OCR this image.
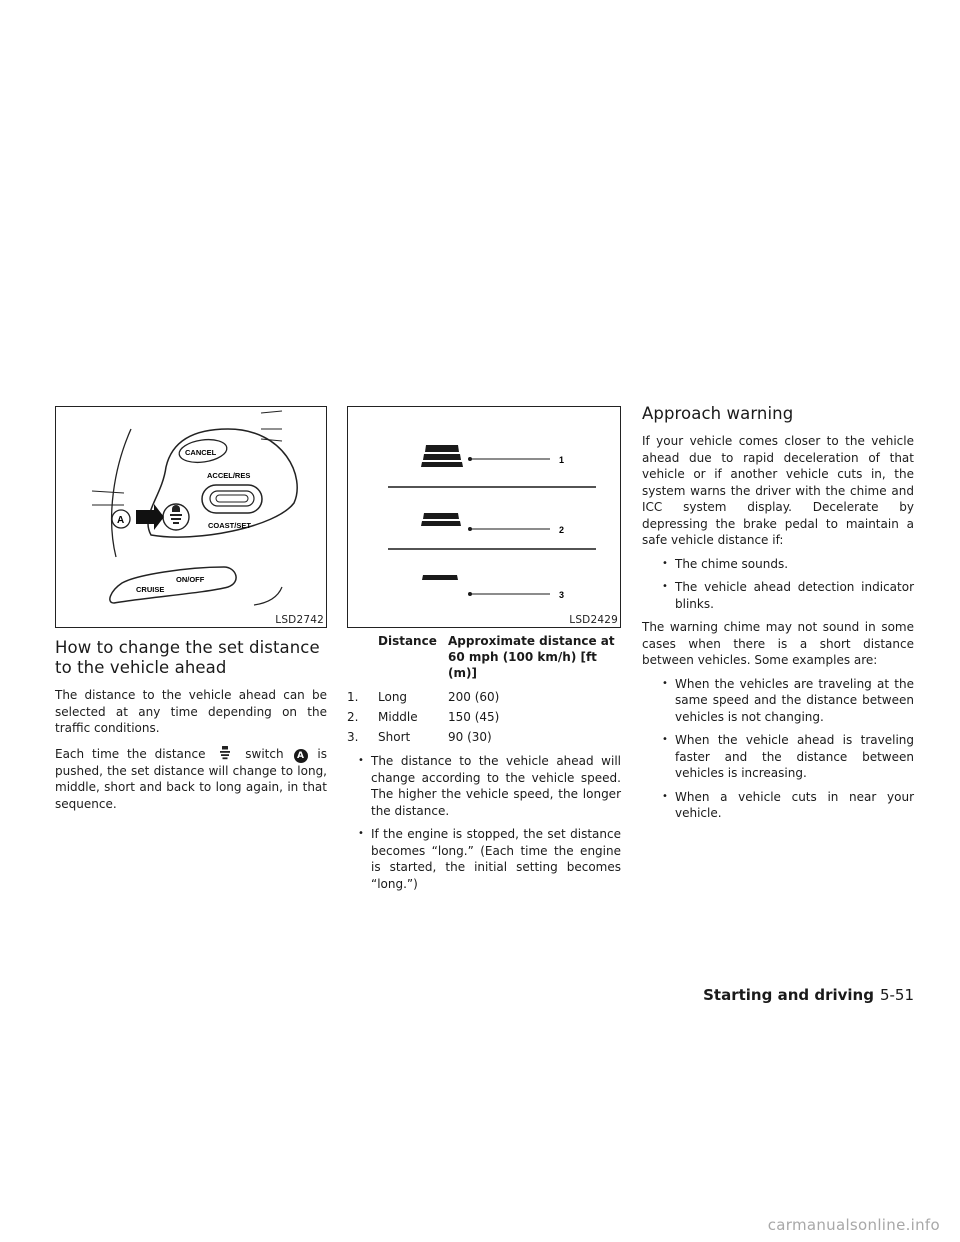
CANCEL
ACCEL/RES
COAST/SET
A
CRUISE
ON/OFF
LSD2742
How to change the set distance
to the vehicle ahead

The distance to the vehicle ahead can be selected at any time depending on the traffic conditions.

Each time the distance	switch A is pushed, the set distance will change to long, middle, short and back to long again, in that sequence.

1
2
3
LSD2429
	Distance	Approximate distance at 60 mph (100 km/h) [ft (m)]
1.	Long	200 (60)
2.	Middle	150 (45)
3.	Short	90 (30)
• The distance to the vehicle ahead will change according to the vehicle speed. The higher the vehicle speed, the longer the distance.
• If the engine is stopped, the set distance becomes “long.” (Each time the engine is started, the initial setting becomes “long.”)
Approach warning

If your vehicle comes closer to the vehicle ahead due to rapid deceleration of that vehicle or if another vehicle cuts in, the system warns the driver with the chime and ICC system display. Decelerate by depressing the brake pedal to maintain a safe vehicle distance if:

• The chime sounds.
• The vehicle ahead detection indicator blinks.

The warning chime may not sound in some cases when there is a short distance between vehicles. Some examples are:

• When the vehicles are traveling at the same speed and the distance between vehicles is not changing.
• When the vehicle ahead is traveling faster and the distance between vehicles is increasing.
• When a vehicle cuts in near your vehicle.
Starting and driving 5-51
carmanualsonline.info
